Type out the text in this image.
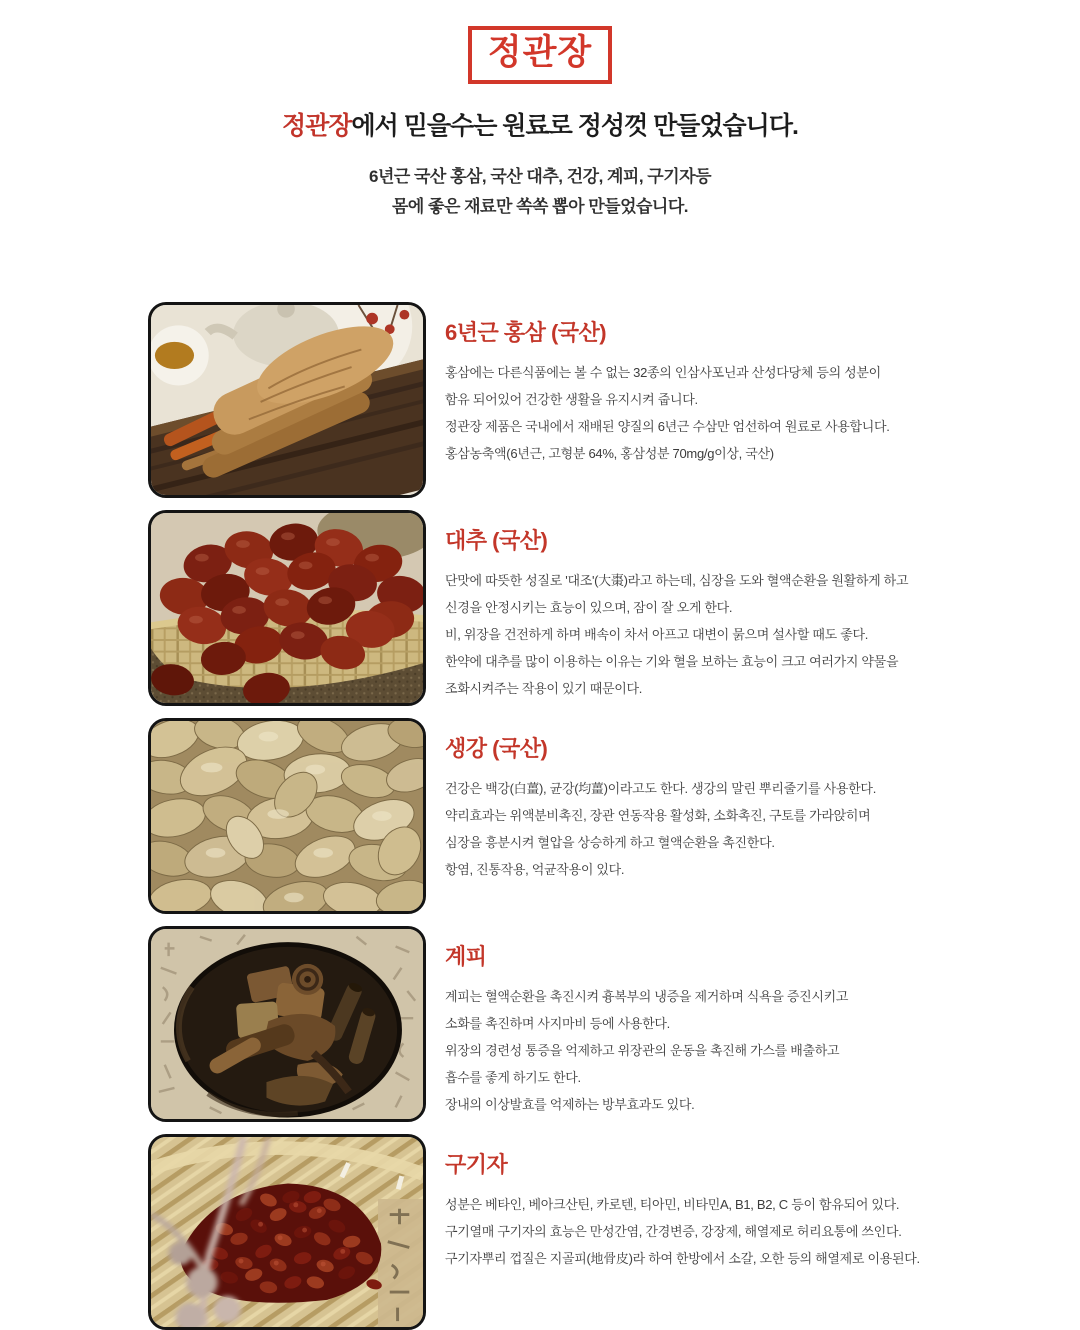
정관장
정관장에서 믿을수는 원료로 정성껏 만들었습니다.

6년근 국산 홍삼, 국산 대추, 건강, 계피, 구기자등
몸에 좋은 재료만 쏙쏙 뽑아 만들었습니다.

6년근 홍삼 (국산)
홍삼에는 다른식품에는 볼 수 없는 32종의 인삼사포닌과 산성다당체 등의 성분이
함유 되어있어 건강한 생활을 유지시켜 줍니다.
정관장 제품은 국내에서 재배된 양질의 6년근 수삼만 엄선하여 원료로 사용합니다.
홍삼농축액(6년근, 고형분 64%, 홍삼성분 70mg/g이상, 국산)
대추 (국산)
단맛에 따뜻한 성질로 '대조'(大棗)라고 하는데, 심장을 도와 혈액순환을 원활하게 하고
신경을 안정시키는 효능이 있으며, 잠이 잘 오게 한다.
비, 위장을 건전하게 하며 배속이 차서 아프고 대변이 묽으며 설사할 때도 좋다.
한약에 대추를 많이 이용하는 이유는 기와 혈을 보하는 효능이 크고 여러가지 약물을
조화시켜주는 작용이 있기 때문이다.
생강 (국산)
건강은 백강(白薑), 균강(均薑)이라고도 한다. 생강의 말린 뿌리줄기를 사용한다.
약리효과는 위액분비촉진, 장관 연동작용 활성화, 소화촉진, 구토를 가라앉히며
심장을 흥분시켜 혈압을 상승하게 하고 혈액순환을 촉진한다.
항염, 진통작용, 억균작용이 있다.
계피
계피는 혈액순환을 촉진시켜 흉복부의 냉증을 제거하며 식욕을 증진시키고
소화를 촉진하며 사지마비 등에 사용한다.
위장의 경련성 통증을 억제하고 위장관의 운동을 촉진해 가스를 배출하고
흡수를 좋게 하기도 한다.
장내의 이상발효를 억제하는 방부효과도 있다.
구기자
성분은 베타인, 베아크산틴, 카로텐, 티아민, 비타민A, B1, B2, C 등이 함유되어 있다.
구기열매 구기자의 효능은 만성간염, 간경변증, 강장제, 해열제로 허리요통에 쓰인다.
구기자뿌리 껍질은 지골피(地骨皮)라 하여 한방에서 소갈, 오한 등의 해열제로 이용된다.
